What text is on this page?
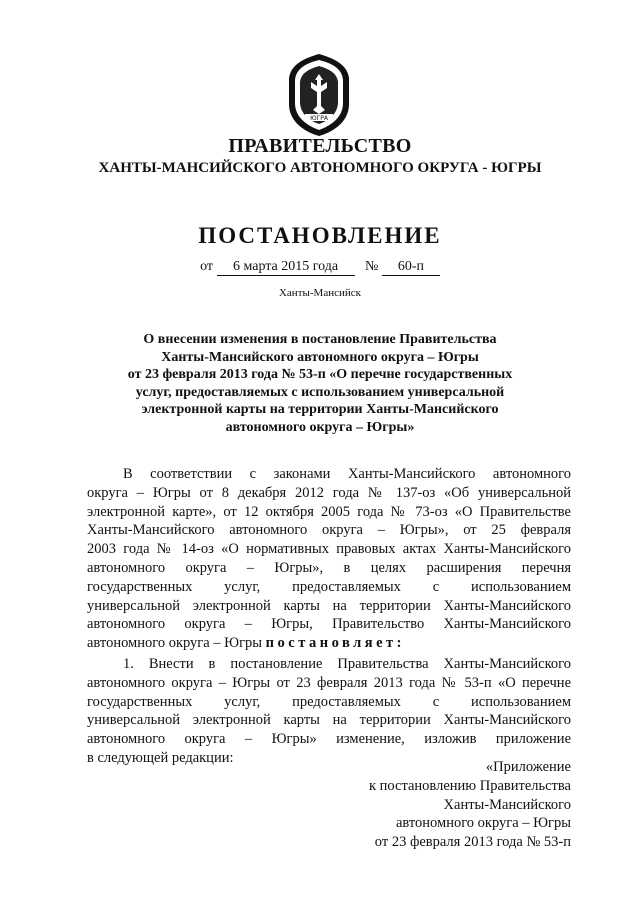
ЮГРА
ПРАВИТЕЛЬСТВО
ХАНТЫ-МАНСИЙСКОГО АВТОНОМНОГО ОКРУГА - ЮГРЫ
ПОСТАНОВЛЕНИЕ
от 6 марта 2015 года № 60-п
Ханты-Мансийск
О внесении изменения в постановление Правительства
Ханты-Мансийского автономного округа – Югры
от 23 февраля 2013 года № 53-п «О перечне государственных
услуг, предоставляемых с использованием универсальной
электронной карты на территории Ханты-Мансийского
автономного округа – Югры»
В соответствии с законами Ханты-Мансийского автономного
округа – Югры от 8 декабря 2012 года № 137-оз «Об универсальной
электронной карте», от 12 октября 2005 года № 73-оз «О Правительстве
Ханты-Мансийского автономного округа – Югры», от 25 февраля
2003 года № 14-оз «О нормативных правовых актах Ханты-Мансийского
автономного округа – Югры», в целях расширения перечня
государственных услуг, предоставляемых с использованием
универсальной электронной карты на территории Ханты-Мансийского
автономного округа – Югры, Правительство Ханты-Мансийского
автономного округа – Югры постановляет:
1. Внести в постановление Правительства Ханты-Мансийского
автономного округа – Югры от 23 февраля 2013 года № 53-п «О перечне
государственных услуг, предоставляемых с использованием
универсальной электронной карты на территории Ханты-Мансийского
автономного округа – Югры» изменение, изложив приложение
в следующей редакции:
«Приложение
к постановлению Правительства
Ханты-Мансийского
автономного округа – Югры
от 23 февраля 2013 года № 53-п
